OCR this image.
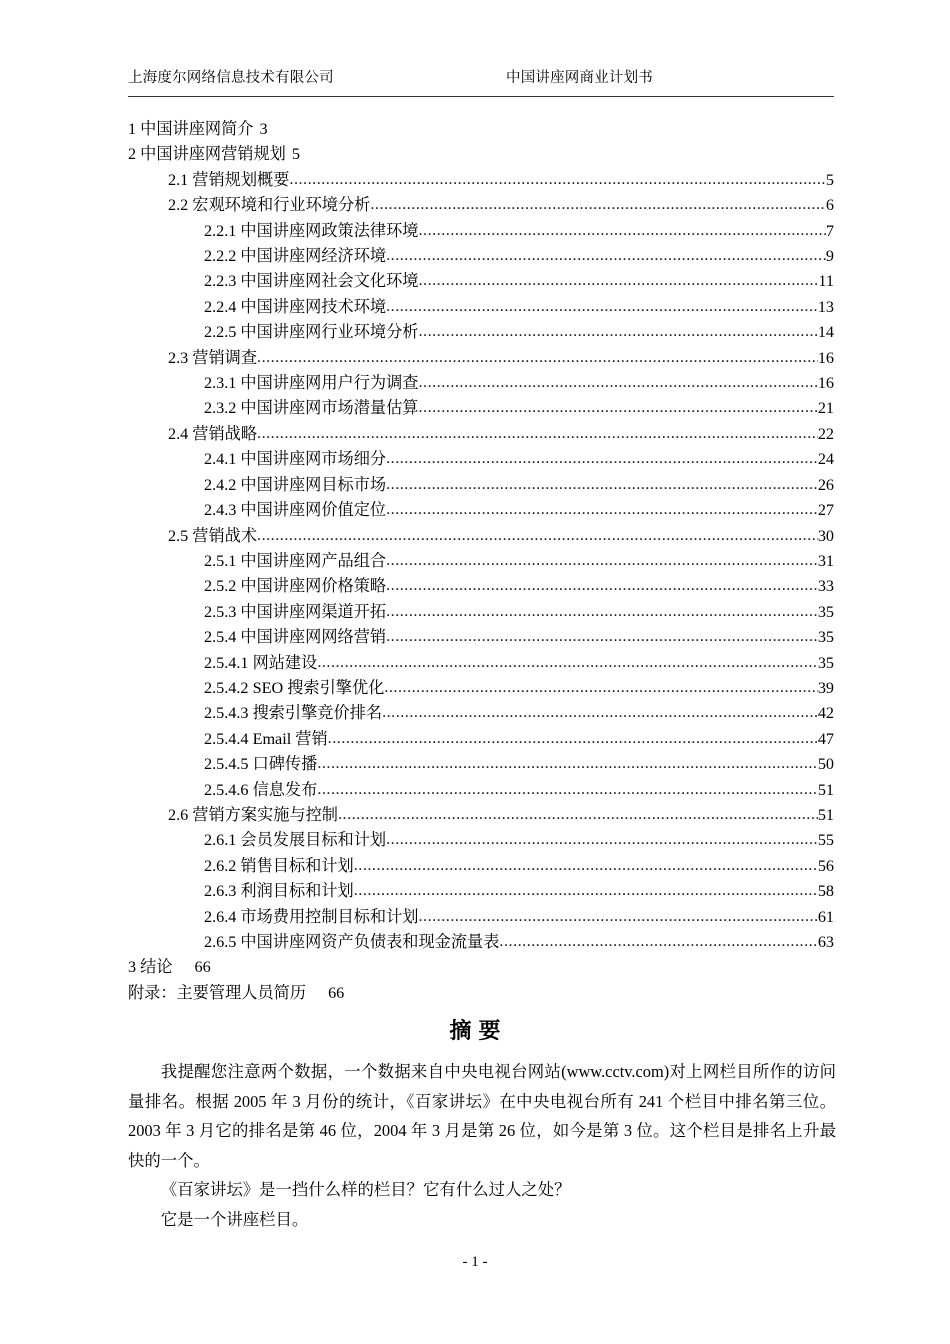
上海度尔网络信息技术有限公司	中国讲座网商业计划书
1 中国讲座网简介 3
2 中国讲座网营销规划 5
2.1 营销规划概要 .....	5
2.2 宏观环境和行业环境分析 .....	6
2.2.1 中国讲座网政策法律环境 .....	7
2.2.2 中国讲座网经济环境 .....	9
2.2.3 中国讲座网社会文化环境 .....	11
2.2.4 中国讲座网技术环境 .....	13
2.2.5 中国讲座网行业环境分析 .....	14
2.3 营销调查 .....	16
2.3.1 中国讲座网用户行为调查 .....	16
2.3.2 中国讲座网市场潜量估算 .....	21
2.4 营销战略 .....	22
2.4.1 中国讲座网市场细分 .....	24
2.4.2 中国讲座网目标市场 .....	26
2.4.3 中国讲座网价值定位 .....	27
2.5 营销战术 .....	30
2.5.1 中国讲座网产品组合 .....	31
2.5.2 中国讲座网价格策略 .....	33
2.5.3 中国讲座网渠道开拓 .....	35
2.5.4 中国讲座网网络营销 .....	35
2.5.4.1 网站建设 .....	35
2.5.4.2 SEO 搜索引擎优化 .....	39
2.5.4.3 搜索引擎竞价排名 .....	42
2.5.4.4 Email 营销 .....	47
2.5.4.5 口碑传播 .....	50
2.5.4.6 信息发布 .....	51
2.6 营销方案实施与控制 .....	51
2.6.1 会员发展目标和计划 .....	55
2.6.2 销售目标和计划 .....	56
2.6.3 利润目标和计划 .....	58
2.6.4 市场费用控制目标和计划 .....	61
2.6.5 中国讲座网资产负债表和现金流量表 .....	63
3 结论 66
附录：主要管理人员简历 66
摘要

我提醒您注意两个数据，一个数据来自中央电视台网站(www.cctv.com)对上网栏目所作的访问量排名。根据 2005 年 3 月份的统计，《百家讲坛》在中央电视台所有 241 个栏目中排名第三位。2003 年 3 月它的排名是第 46 位，2004 年 3 月是第 26 位，如今是第 3 位。这个栏目是排名上升最快的一个。

《百家讲坛》是一挡什么样的栏目？它有什么过人之处？

它是一个讲座栏目。

- 1 -
